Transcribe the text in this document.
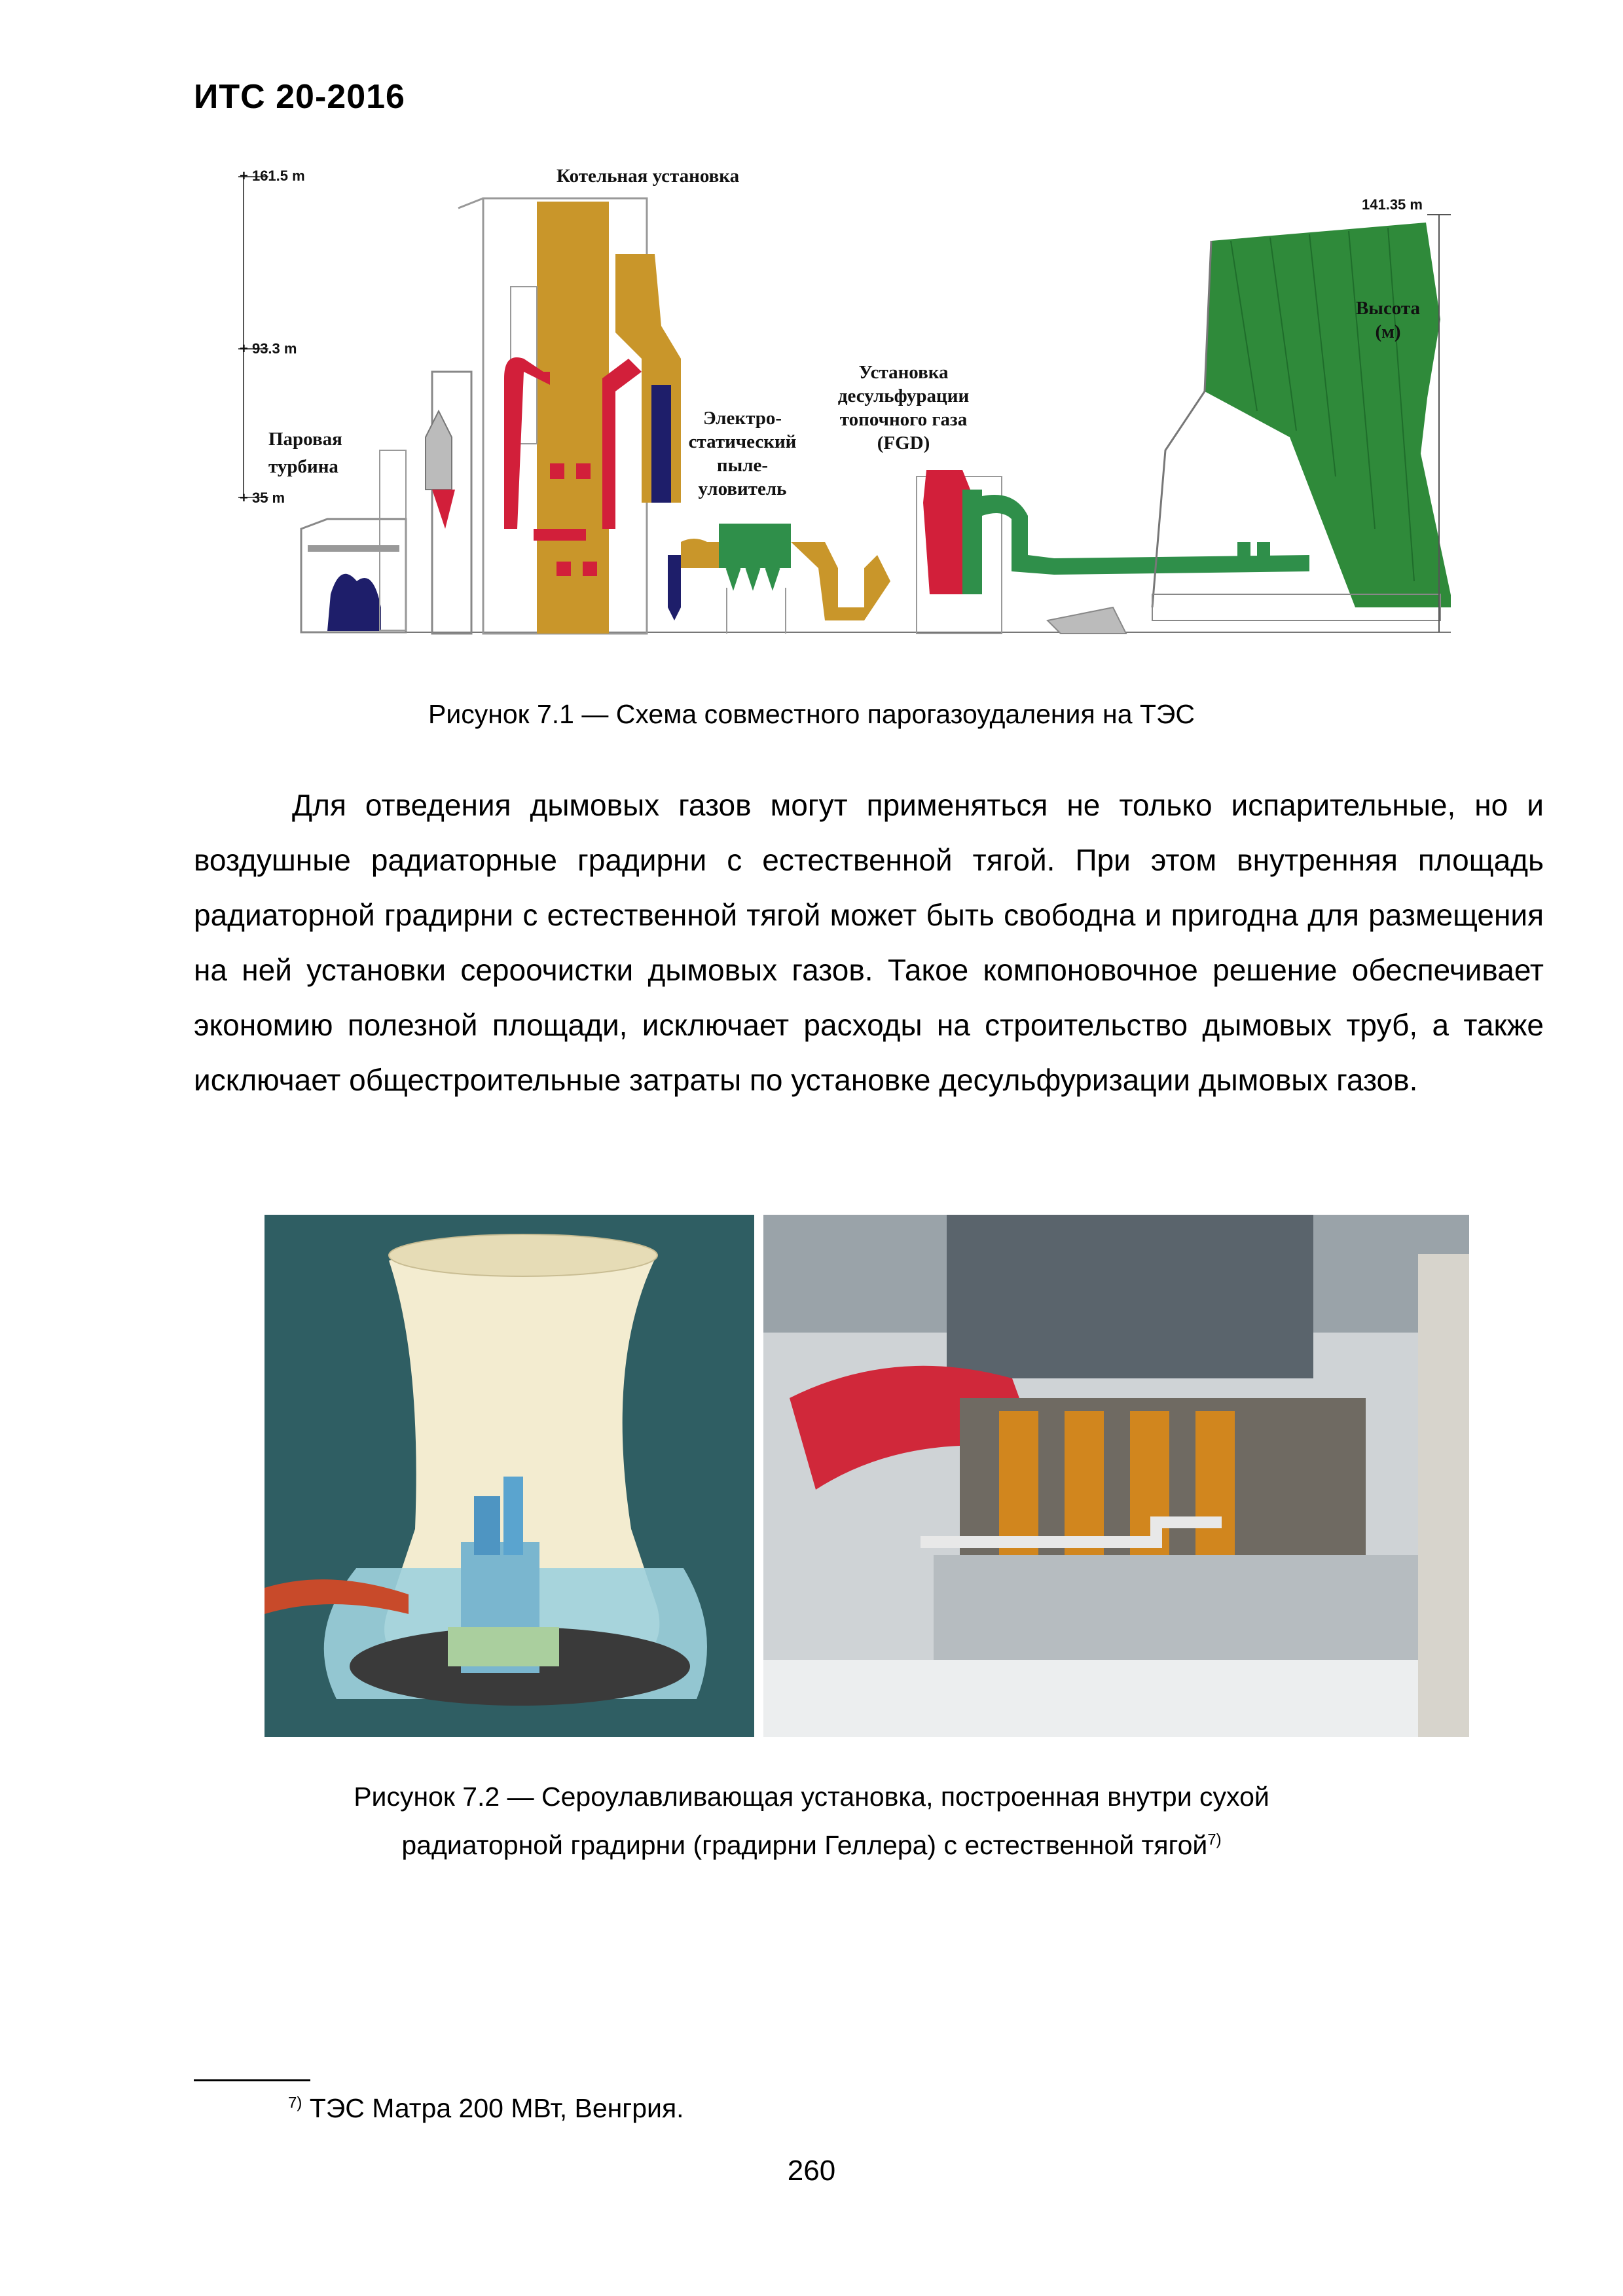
ИТС 20-2016
+ 161.5 m
+ 93.3 m
+ 35 m
Котельная установка
Паровая
турбина
Электро-
статический
пыле-
уловитель
Установка
десульфурации
топочного газа
(FGD)
141.35 m
Высота
(м)
Рисунок 7.1 — Схема совместного парогазоудаления на ТЭС

Для отведения дымовых газов могут применяться не только испарительные, но и воздушные радиаторные градирни с естественной тягой. При этом внутренняя площадь радиаторной градирни с естественной тягой может быть свободна и пригодна для размещения на ней установки сероочистки дымовых газов. Такое компоновочное решение обеспечивает экономию полезной площади, исключает расходы на строительство дымовых труб, а также исключает общестроительные затраты по установке десульфуризации дымовых газов.

Рисунок 7.2 — Сероулавливающая установка, построенная внутри сухой
радиаторной градирни (градирни Геллера) с естественной тягой$^{7)}$
$^{7)}$ ТЭС Матра 200 МВт, Венгрия.
260
